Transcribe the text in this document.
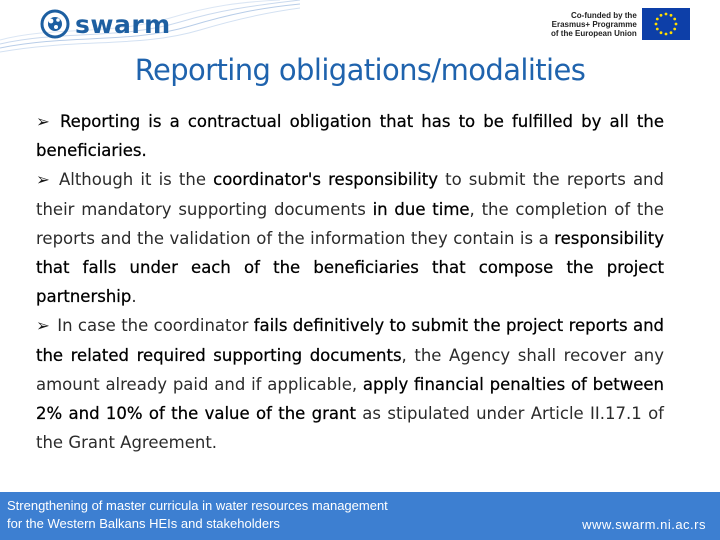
swarm	Co-funded by the
Erasmus+ Programme
of the European Union
Reporting obligations/modalities

➢ Reporting is a contractual obligation that has to be fulfilled by all the beneficiaries.

➢ Although it is the coordinator's responsibility to submit the reports and their mandatory supporting documents in due time, the completion of the reports and the validation of the information they contain is a responsibility that falls under each of the beneficiaries that compose the project partnership.

➢ In case the coordinator fails definitively to submit the project reports and the related required supporting documents, the Agency shall recover any amount already paid and if applicable, apply financial penalties of between 2% and 10% of the value of the grant as stipulated under Article II.17.1 of the Grant Agreement.

Strengthening of master curricula in water resources management
for the Western Balkans HEIs and stakeholders	www.swarm.ni.ac.rs
